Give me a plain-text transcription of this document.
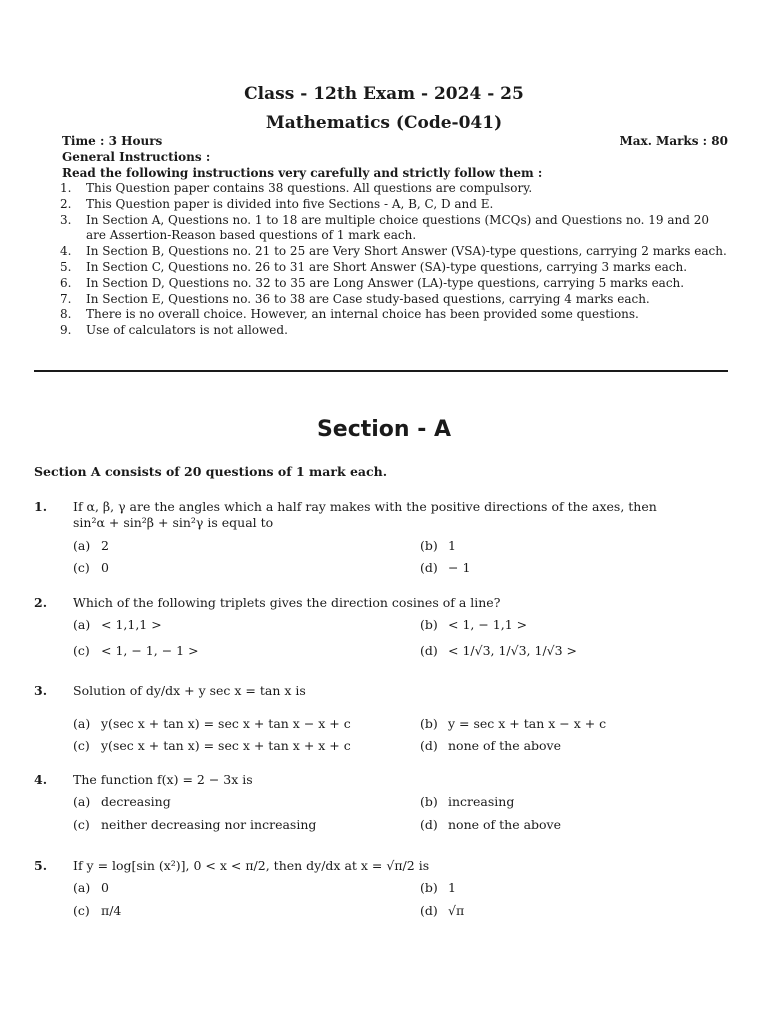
Class - 12th Exam - 2024 - 25
Mathematics (Code-041)
Time : 3 Hours	Max. Marks : 80
General Instructions :
Read the following instructions very carefully and strictly follow them :
1.	This Question paper contains 38 questions. All questions are compulsory.
2.	This Question paper is divided into five Sections - A, B, C, D and E.
3.	In Section A, Questions no. 1 to 18 are multiple choice questions (MCQs) and Questions no. 19 and 20 are Assertion-Reason based questions of 1 mark each.
4.	In Section B, Questions no. 21 to 25 are Very Short Answer (VSA)-type questions, carrying 2 marks each.
5.	In Section C, Questions no. 26 to 31 are Short Answer (SA)-type questions, carrying 3 marks each.
6.	In Section D, Questions no. 32 to 35 are Long Answer (LA)-type questions, carrying 5 marks each.
7.	In Section E, Questions no. 36 to 38 are Case study-based questions, carrying 4 marks each.
8.	There is no overall choice. However, an internal choice has been provided some questions.
9.	Use of calculators is not allowed.
Section - A
Section A consists of 20 questions of 1 mark each.
1.	If α, β, γ are the angles which a half ray makes with the positive directions of the axes, then
sin²α + sin²β + sin²γ is equal to
(a) 2	(b) 1
(c) 0	(d) − 1
2.	Which of the following triplets gives the direction cosines of a line?
(a) < 1,1,1 >	(b) < 1, − 1,1 >
(c) < 1, − 1, − 1 >	(d) < 1/√3, 1/√3, 1/√3 >
3.	Solution of dy/dx + y sec x = tan x is
(a) y(sec x + tan x) = sec x + tan x − x + c	(b) y = sec x + tan x − x + c
(c) y(sec x + tan x) = sec x + tan x + x + c	(d) none of the above
4.	The function f(x) = 2 − 3x is
(a) decreasing	(b) increasing
(c) neither decreasing nor increasing	(d) none of the above
5.	If y = log[sin (x²)], 0 < x < π/2, then dy/dx at x = √π/2 is
(a) 0	(b) 1
(c) π/4	(d) √π
